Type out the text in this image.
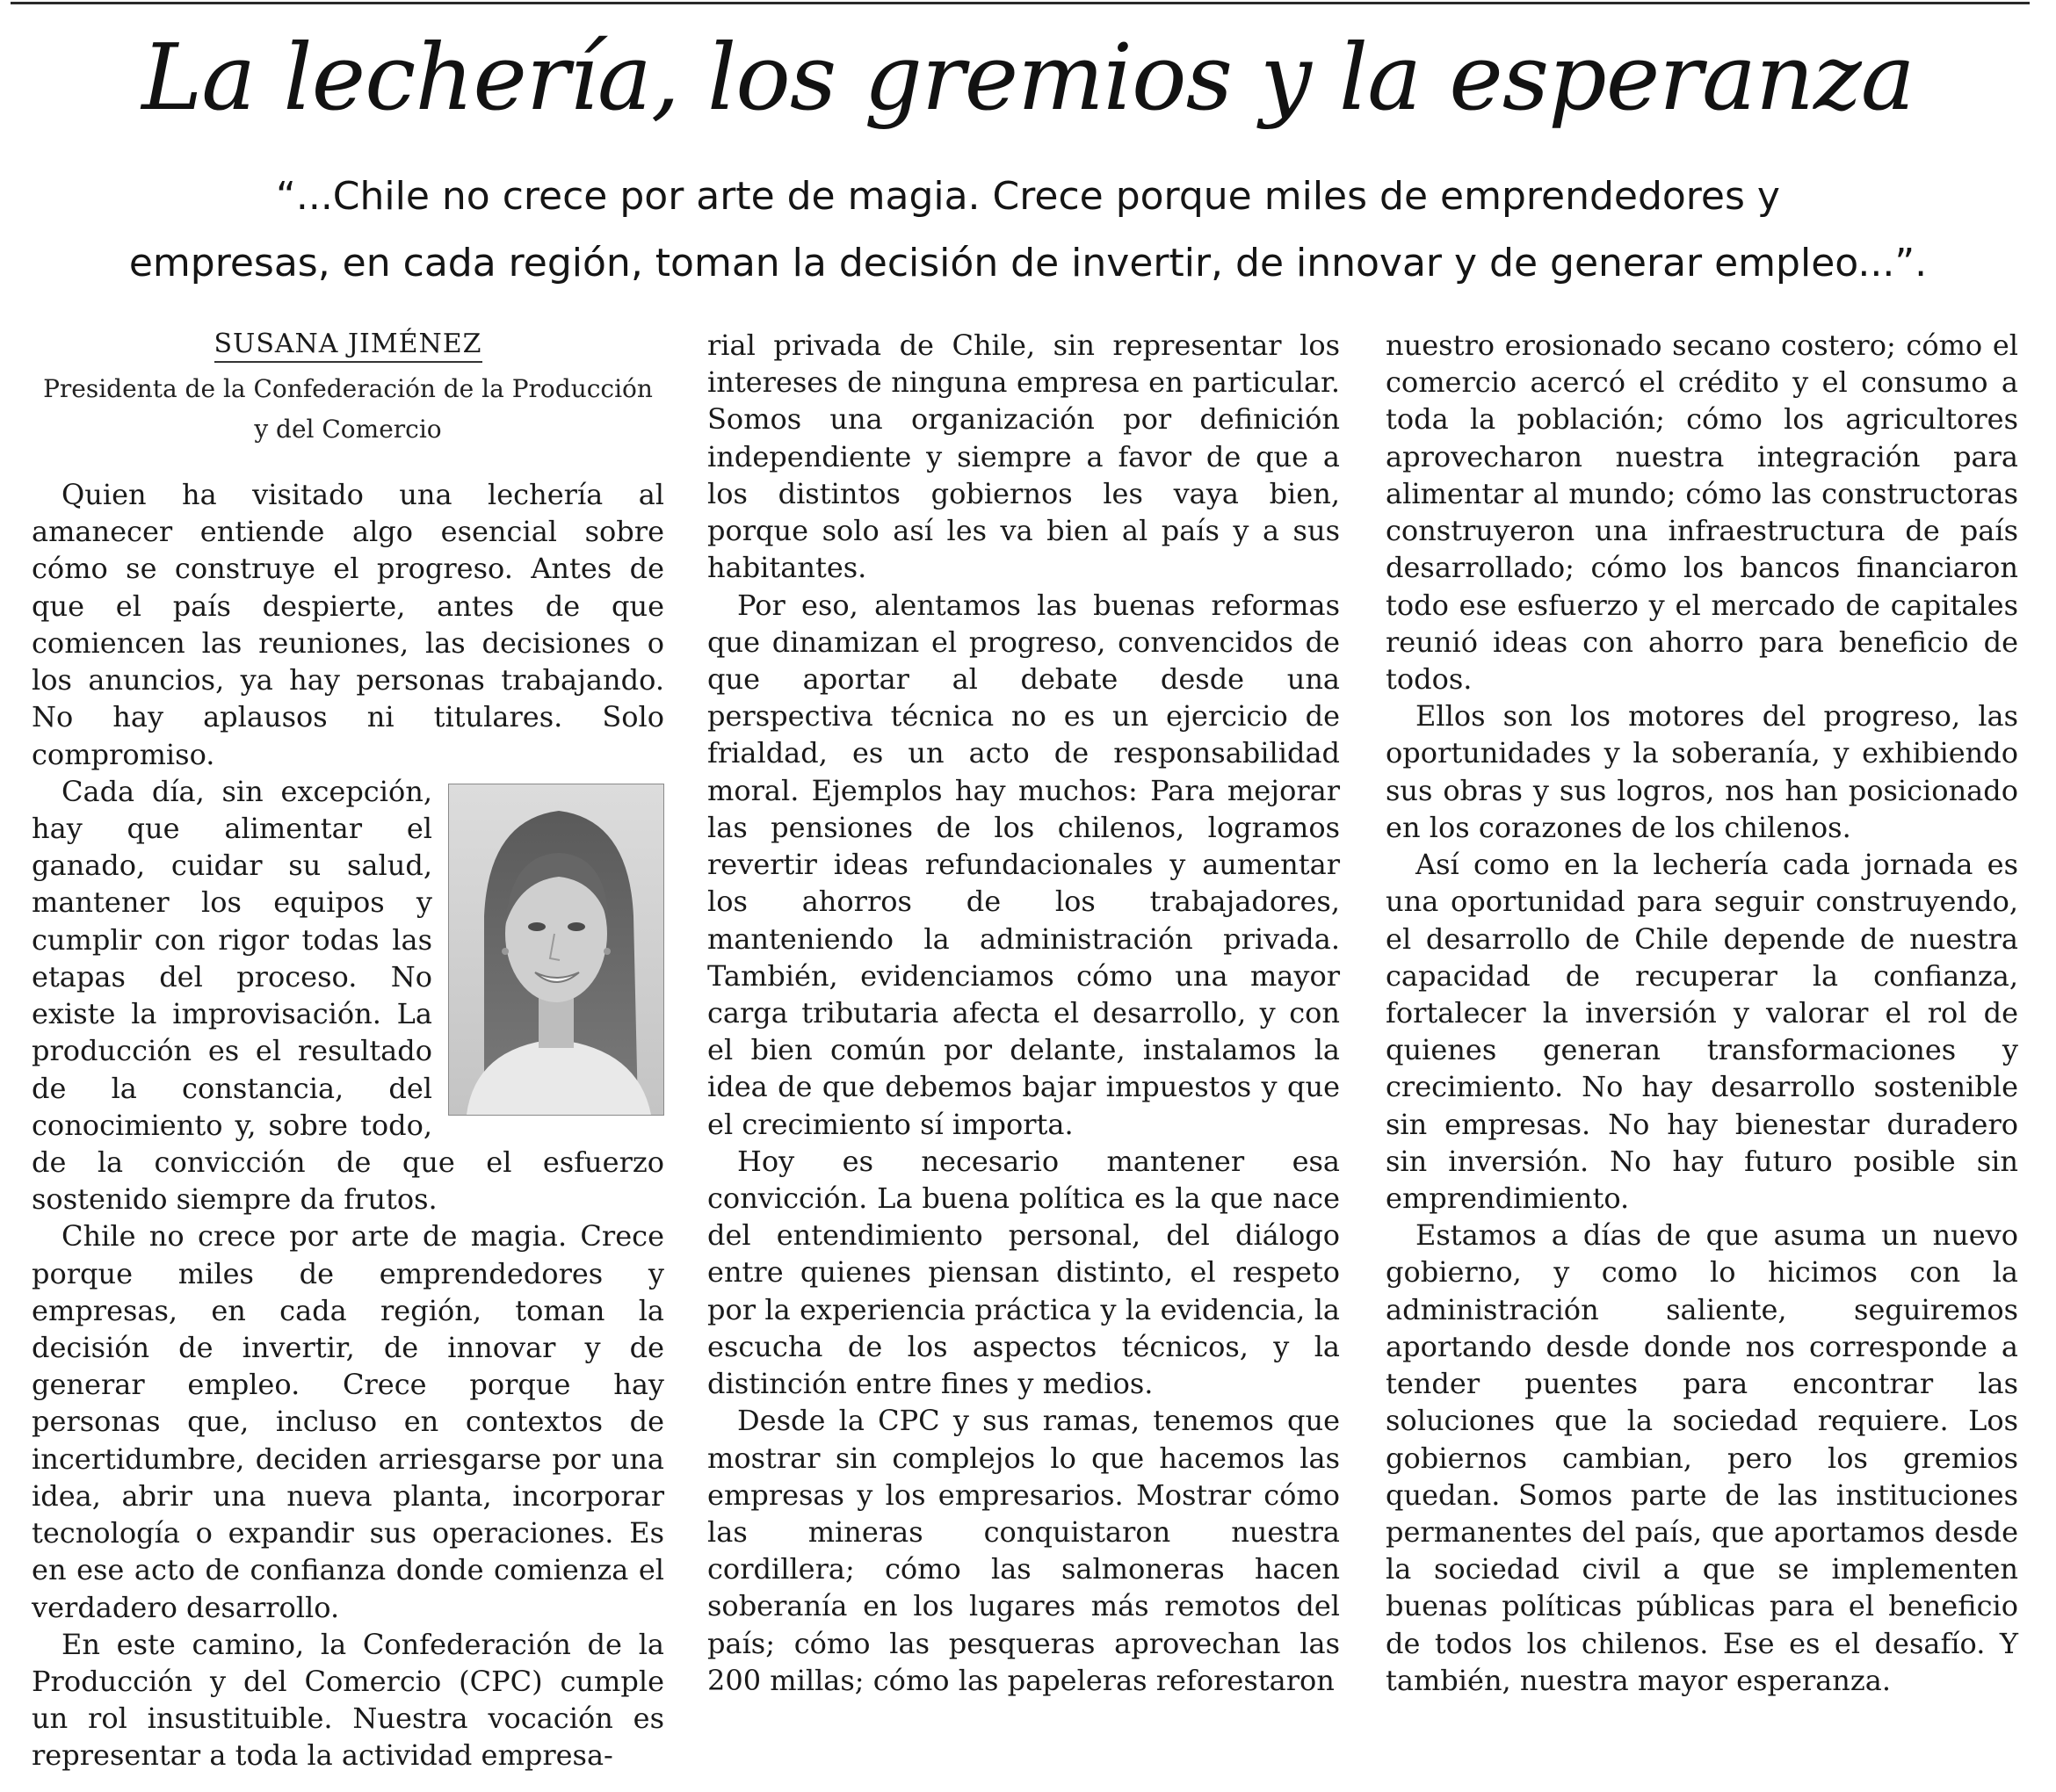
La lechería, los gremios y la esperanza
“...Chile no crece por arte de magia. Crece porque miles de emprendedores y
empresas, en cada región, toman la decisión de invertir, de innovar y de generar empleo...”.
SUSANA JIMÉNEZ
Presidenta de la Confederación de la Producción
y del Comercio

Quien ha visitado una lechería al amanecer entiende algo esencial sobre cómo se construye el progreso. Antes de que el país despierte, antes de que comiencen las reuniones, las decisiones o los anuncios, ya hay personas trabajando. No hay aplausos ni titulares. Solo compromiso.

Cada día, sin excepción, hay que alimentar el ganado, cuidar su salud, mantener los equipos y cumplir con rigor todas las etapas del proceso. No existe la improvisación. La producción es el resultado de la constancia, del conocimiento y, sobre todo, de la convicción de que el esfuerzo sostenido siempre da frutos.

Chile no crece por arte de magia. Crece porque miles de emprendedores y empresas, en cada región, toman la decisión de invertir, de innovar y de generar empleo. Crece porque hay personas que, incluso en contextos de incertidumbre, deciden arriesgarse por una idea, abrir una nueva planta, incorporar tecnología o expandir sus operaciones. Es en ese acto de confianza donde comienza el verdadero desarrollo.

En este camino, la Confederación de la Producción y del Comercio (CPC) cumple un rol insustituible. Nuestra vocación es representar a toda la actividad empresa-

rial privada de Chile, sin representar los intereses de ninguna empresa en particular. Somos una organización por definición independiente y siempre a favor de que a los distintos gobiernos les vaya bien, porque solo así les va bien al país y a sus habitantes.

Por eso, alentamos las buenas reformas que dinamizan el progreso, convencidos de que aportar al debate desde una perspectiva técnica no es un ejercicio de frialdad, es un acto de responsabilidad moral. Ejemplos hay muchos: Para mejorar las pensiones de los chilenos, logramos revertir ideas refundacionales y aumentar los ahorros de los trabajadores, manteniendo la administración privada. También, evidenciamos cómo una mayor carga tributaria afecta el desarrollo, y con el bien común por delante, instalamos la idea de que debemos bajar impuestos y que el crecimiento sí importa.

Hoy es necesario mantener esa convicción. La buena política es la que nace del entendimiento personal, del diálogo entre quienes piensan distinto, el respeto por la experiencia práctica y la evidencia, la escucha de los aspectos técnicos, y la distinción entre fines y medios.

Desde la CPC y sus ramas, tenemos que mostrar sin complejos lo que hacemos las empresas y los empresarios. Mostrar cómo las mineras conquistaron nuestra cordillera; cómo las salmoneras hacen soberanía en los lugares más remotos del país; cómo las pesqueras aprovechan las 200 millas; cómo las papeleras reforestaron

nuestro erosionado secano costero; cómo el comercio acercó el crédito y el consumo a toda la población; cómo los agricultores aprovecharon nuestra integración para alimentar al mundo; cómo las constructoras construyeron una infraestructura de país desarrollado; cómo los bancos financiaron todo ese esfuerzo y el mercado de capitales reunió ideas con ahorro para beneficio de todos.

Ellos son los motores del progreso, las oportunidades y la soberanía, y exhibiendo sus obras y sus logros, nos han posicionado en los corazones de los chilenos.

Así como en la lechería cada jornada es una oportunidad para seguir construyendo, el desarrollo de Chile depende de nuestra capacidad de recuperar la confianza, fortalecer la inversión y valorar el rol de quienes generan transformaciones y crecimiento. No hay desarrollo sostenible sin empresas. No hay bienestar duradero sin inversión. No hay futuro posible sin emprendimiento.

Estamos a días de que asuma un nuevo gobierno, y como lo hicimos con la administración saliente, seguiremos aportando desde donde nos corresponde a tender puentes para encontrar las soluciones que la sociedad requiere. Los gobiernos cambian, pero los gremios quedan. Somos parte de las instituciones permanentes del país, que aportamos desde la sociedad civil a que se implementen buenas políticas públicas para el beneficio de todos los chilenos. Ese es el desafío. Y también, nuestra mayor esperanza.
